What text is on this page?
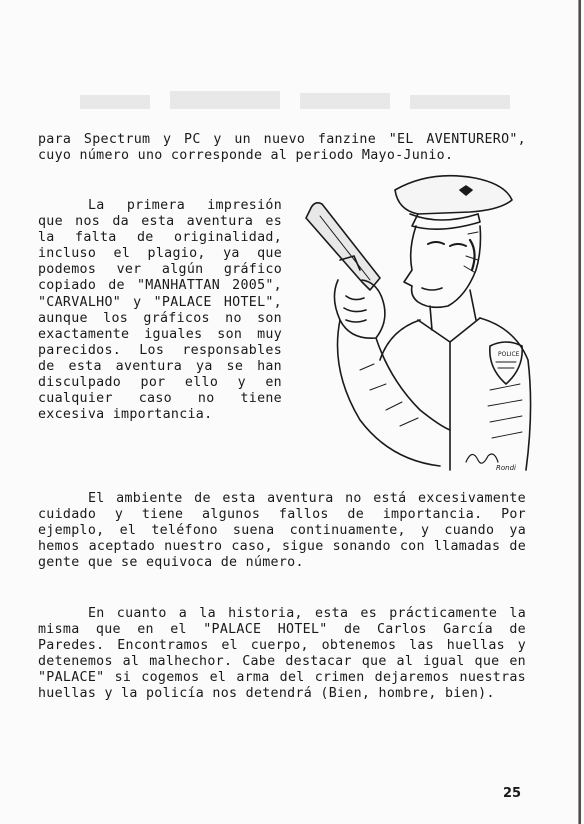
para Spectrum y PC y un nuevo fanzine "EL AVENTURERO", cuyo número uno corresponde al periodo Mayo-Junio.

La primera impresión que nos da esta aventura es la falta de originalidad, incluso el plagio, ya que podemos ver algún gráfico copiado de "MANHATTAN 2005", "CARVALHO" y "PALACE HOTEL", aunque los gráficos no son exactamente iguales son muy parecidos. Los responsables de esta aventura ya se han disculpado por ello y en cualquier caso no tiene excesiva importancia.

POLICE
Rondi

El ambiente de esta aventura no está excesivamente cuidado y tiene algunos fallos de importancia. Por ejemplo, el teléfono suena continuamente, y cuando ya hemos aceptado nuestro caso, sigue sonando con llamadas de gente que se equivoca de número.

En cuanto a la historia, esta es prácticamente la misma que en el "PALACE HOTEL" de Carlos García de Paredes. Encontramos el cuerpo, obtenemos las huellas y detenemos al malhechor. Cabe destacar que al igual que en "PALACE" si cogemos el arma del crimen dejaremos nuestras huellas y la policía nos detendrá (Bien, hombre, bien).

25
